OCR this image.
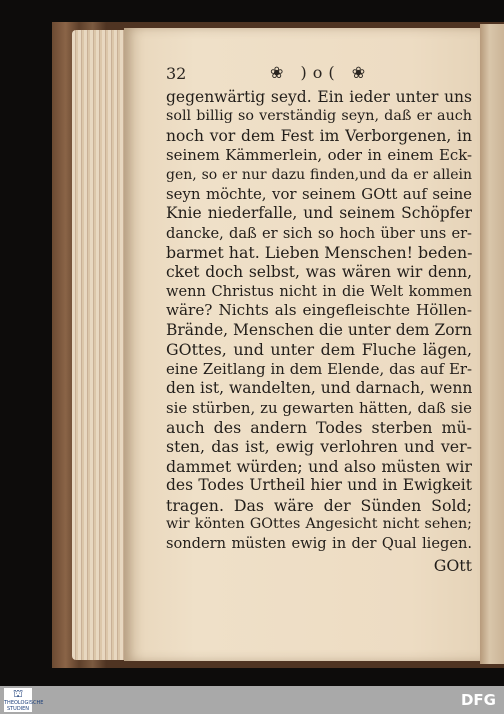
32	❀ )o( ❀
gegenwärtig seyd. Ein ieder unter uns
soll billig so verständig seyn, daß er auch
noch vor dem Fest im Verborgenen, in
seinem Kämmerlein, oder in einem Eck-
gen, so er nur dazu finden,und da er allein
seyn möchte, vor seinem GOtt auf seine
Knie niederfalle, und seinem Schöpfer
dancke, daß er sich so hoch über uns er-
barmet hat. Lieben Menschen! beden-
cket doch selbst, was wären wir denn,
wenn Christus nicht in die Welt kommen
wäre? Nichts als eingefleischte Höllen-
Brände, Menschen die unter dem Zorn
GOttes, und unter dem Fluche lägen,
eine Zeitlang in dem Elende, das auf Er-
den ist, wandelten, und darnach, wenn
sie stürben, zu gewarten hätten, daß sie
auch des andern Todes sterben mü-
sten, das ist, ewig verlohren und ver-
dammet würden; und also müsten wir
des Todes Urtheil hier und in Ewigkeit
tragen. Das wäre der Sünden Sold;
wir könten GOttes Angesicht nicht sehen;
sondern müsten ewig in der Qual liegen.
GOtt
⛫
THEOLOGISCHE STUDIEN	DFG
